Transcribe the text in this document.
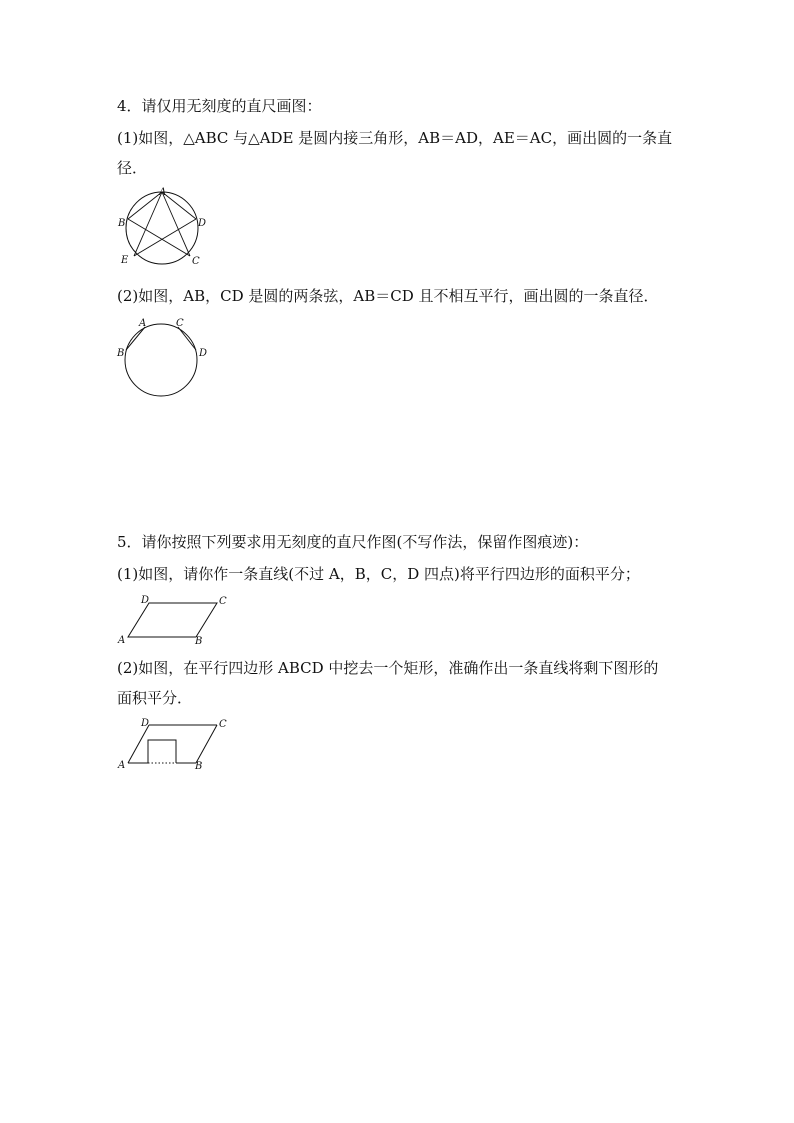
4．请仅用无刻度的直尺画图：
(1)如图，△ABC 与△ADE 是圆内接三角形，AB＝AD，AE＝AC，画出圆的一条直
径．
A
B	D
E	C
(2)如图，AB，CD 是圆的两条弦，AB＝CD 且不相互平行，画出圆的一条直径．
A	C
B	D
5．请你按照下列要求用无刻度的直尺作图(不写作法，保留作图痕迹)：
(1)如图，请你作一条直线(不过 A，B，C，D 四点)将平行四边形的面积平分；
A	B
C
D
(2)如图，在平行四边形 ABCD 中挖去一个矩形，准确作出一条直线将剩下图形的
面积平分．
A	B
C
D
